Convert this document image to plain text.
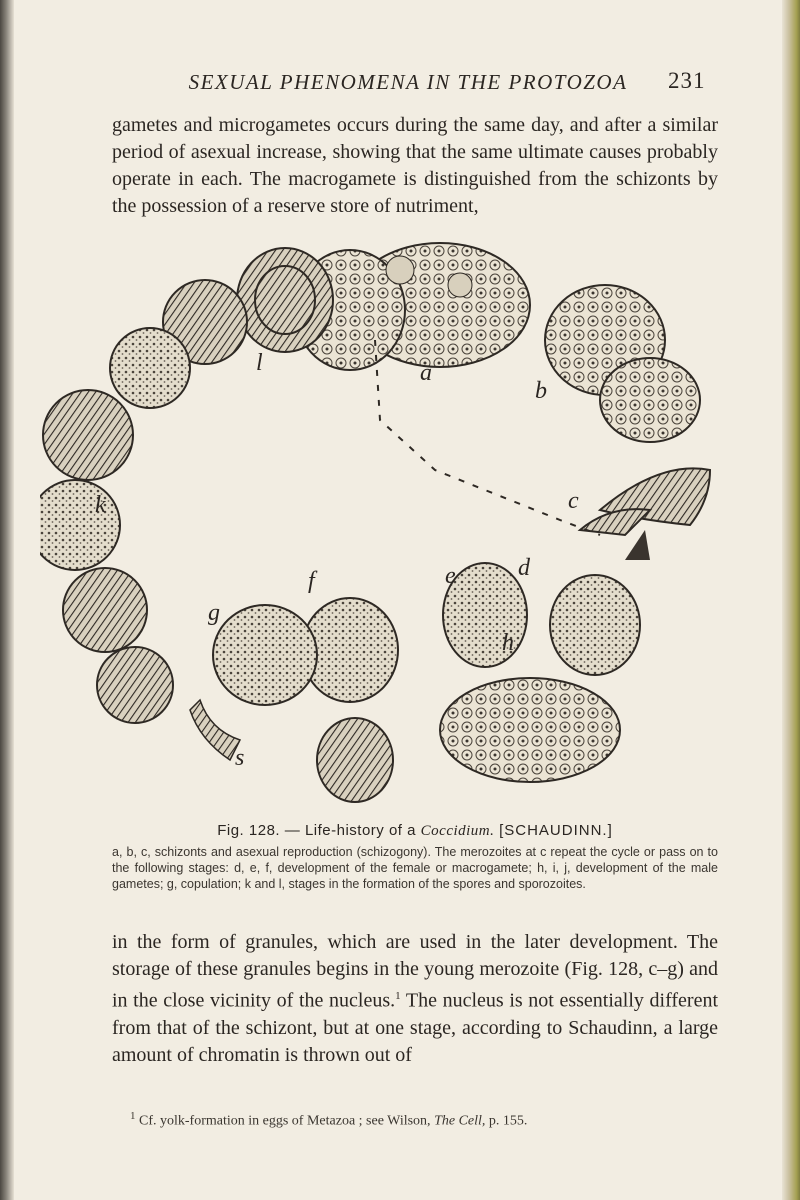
SEXUAL PHENOMENA IN THE PROTOZOA	231
gametes and microgametes occurs during the same day, and after a similar period of asexual increase, showing that the same ultimate causes probably operate in each. The macrogamete is distinguished from the schizonts by the possession of a reserve store of nutriment,
l	a
b
c
k
d
e
f
g
h
s
Fig. 128. — Life-history of a Coccidium. [SCHAUDINN.]
a, b, c, schizonts and asexual reproduction (schizogony). The merozoites at c repeat the cycle or pass on to the following stages: d, e, f, development of the female or macrogamete; h, i, j, development of the male gametes; g, copulation; k and l, stages in the formation of the spores and sporozoites.
in the form of granules, which are used in the later development. The storage of these granules begins in the young merozoite (Fig. 128, c–g) and in the close vicinity of the nucleus.$^1$ The nucleus is not essentially different from that of the schizont, but at one stage, according to Schaudinn, a large amount of chromatin is thrown out of
$^1$ Cf. yolk-formation in eggs of Metazoa ; see Wilson, The Cell, p. 155.
